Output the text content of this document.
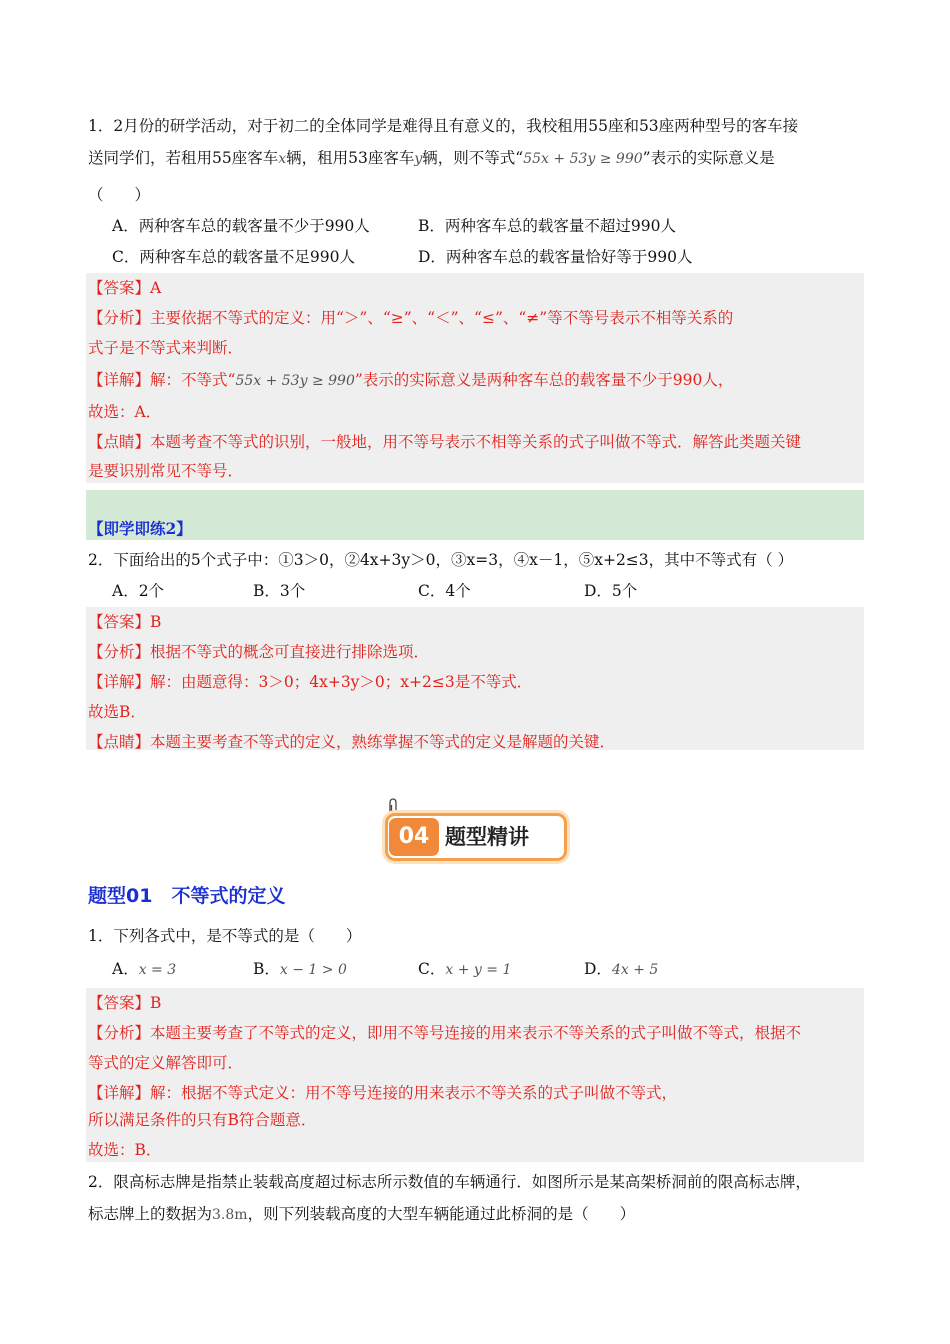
1．2月份的研学活动，对于初二的全体同学是难得且有意义的，我校租用55座和53座两种型号的客车接
送同学们，若租用55座客车x辆，租用53座客车y辆，则不等式“55x + 53y ≥ 990”表示的实际意义是
（　　）
A．两种客车总的载客量不少于990人	B．两种客车总的载客量不超过990人
C．两种客车总的载客量不足990人	D．两种客车总的载客量恰好等于990人
【答案】A
【分析】主要依据不等式的定义：用“＞”、“≥”、“＜”、“≤”、“≠”等不等号表示不相等关系的
式子是不等式来判断．
【详解】解：不等式“55x + 53y ≥ 990”表示的实际意义是两种客车总的载客量不少于990人，
故选：A．
【点睛】本题考查不等式的识别，一般地，用不等号表示不相等关系的式子叫做不等式．解答此类题关键
是要识别常见不等号．
【即学即练2】
2．下面给出的5个式子中：①3＞0，②4x+3y＞0，③x=3，④x－1，⑤x+2≤3，其中不等式有（ ）
A．2个	B．3个	C．4个	D．5个
【答案】B
【分析】根据不等式的概念可直接进行排除选项．
【详解】解：由题意得：3＞0；4x+3y＞0；x+2≤3是不等式．
故选B．
【点睛】本题主要考查不等式的定义，熟练掌握不等式的定义是解题的关键．
04 题型精讲
题型01　不等式的定义
1．下列各式中，是不等式的是（　　）
A．x = 3	B．x − 1 > 0	C．x + y = 1	D．4x + 5
【答案】B
【分析】本题主要考查了不等式的定义，即用不等号连接的用来表示不等关系的式子叫做不等式，根据不
等式的定义解答即可．
【详解】解：根据不等式定义：用不等号连接的用来表示不等关系的式子叫做不等式，
所以满足条件的只有B符合题意．
故选：B．
2．限高标志牌是指禁止装载高度超过标志所示数值的车辆通行．如图所示是某高架桥洞前的限高标志牌，
标志牌上的数据为3.8m，则下列装载高度的大型车辆能通过此桥洞的是（　　）
